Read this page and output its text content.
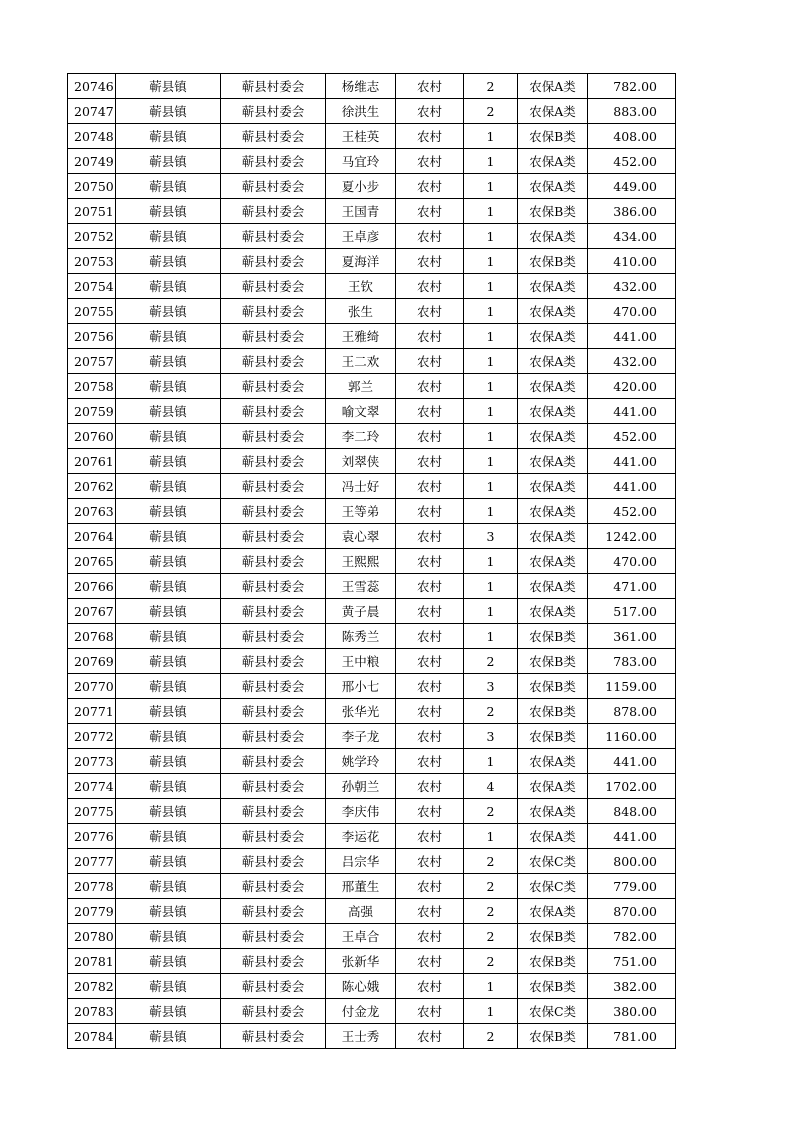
20746	蕲县镇	蕲县村委会	杨维志	农村	2	农保A类	782.00
20747	蕲县镇	蕲县村委会	徐洪生	农村	2	农保A类	883.00
20748	蕲县镇	蕲县村委会	王桂英	农村	1	农保B类	408.00
20749	蕲县镇	蕲县村委会	马宜玲	农村	1	农保A类	452.00
20750	蕲县镇	蕲县村委会	夏小步	农村	1	农保A类	449.00
20751	蕲县镇	蕲县村委会	王国青	农村	1	农保B类	386.00
20752	蕲县镇	蕲县村委会	王卓彦	农村	1	农保A类	434.00
20753	蕲县镇	蕲县村委会	夏海洋	农村	1	农保B类	410.00
20754	蕲县镇	蕲县村委会	王钦	农村	1	农保A类	432.00
20755	蕲县镇	蕲县村委会	张生	农村	1	农保A类	470.00
20756	蕲县镇	蕲县村委会	王雅绮	农村	1	农保A类	441.00
20757	蕲县镇	蕲县村委会	王二欢	农村	1	农保A类	432.00
20758	蕲县镇	蕲县村委会	郭兰	农村	1	农保A类	420.00
20759	蕲县镇	蕲县村委会	喻文翠	农村	1	农保A类	441.00
20760	蕲县镇	蕲县村委会	李二玲	农村	1	农保A类	452.00
20761	蕲县镇	蕲县村委会	刘翠侠	农村	1	农保A类	441.00
20762	蕲县镇	蕲县村委会	冯士好	农村	1	农保A类	441.00
20763	蕲县镇	蕲县村委会	王等弟	农村	1	农保A类	452.00
20764	蕲县镇	蕲县村委会	袁心翠	农村	3	农保A类	1242.00
20765	蕲县镇	蕲县村委会	王熙熙	农村	1	农保A类	470.00
20766	蕲县镇	蕲县村委会	王雪蕊	农村	1	农保A类	471.00
20767	蕲县镇	蕲县村委会	黄子晨	农村	1	农保A类	517.00
20768	蕲县镇	蕲县村委会	陈秀兰	农村	1	农保B类	361.00
20769	蕲县镇	蕲县村委会	王中粮	农村	2	农保B类	783.00
20770	蕲县镇	蕲县村委会	邢小七	农村	3	农保B类	1159.00
20771	蕲县镇	蕲县村委会	张华光	农村	2	农保B类	878.00
20772	蕲县镇	蕲县村委会	李子龙	农村	3	农保B类	1160.00
20773	蕲县镇	蕲县村委会	姚学玲	农村	1	农保A类	441.00
20774	蕲县镇	蕲县村委会	孙朝兰	农村	4	农保A类	1702.00
20775	蕲县镇	蕲县村委会	李庆伟	农村	2	农保A类	848.00
20776	蕲县镇	蕲县村委会	李运花	农村	1	农保A类	441.00
20777	蕲县镇	蕲县村委会	吕宗华	农村	2	农保C类	800.00
20778	蕲县镇	蕲县村委会	邢董生	农村	2	农保C类	779.00
20779	蕲县镇	蕲县村委会	高强	农村	2	农保A类	870.00
20780	蕲县镇	蕲县村委会	王卓合	农村	2	农保B类	782.00
20781	蕲县镇	蕲县村委会	张新华	农村	2	农保B类	751.00
20782	蕲县镇	蕲县村委会	陈心娥	农村	1	农保B类	382.00
20783	蕲县镇	蕲县村委会	付金龙	农村	1	农保C类	380.00
20784	蕲县镇	蕲县村委会	王士秀	农村	2	农保B类	781.00
